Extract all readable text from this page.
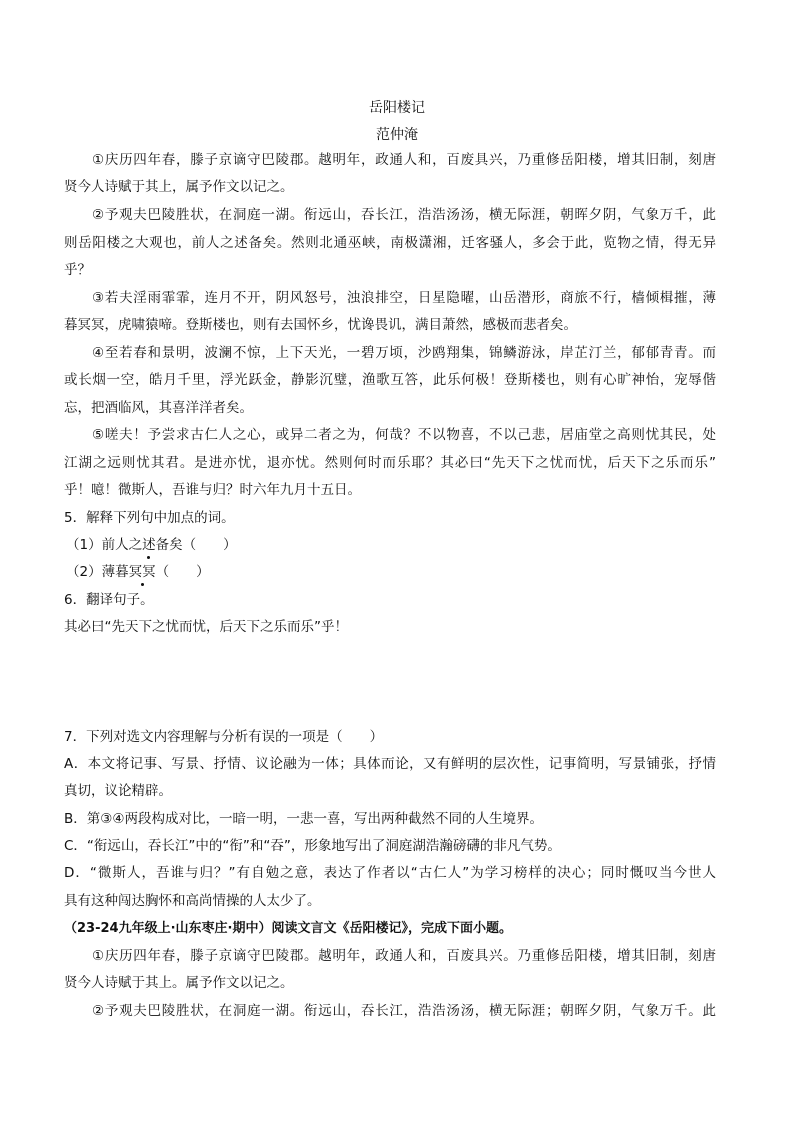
岳阳楼记
范仲淹
①庆历四年春，滕子京谪守巴陵郡。越明年，政通人和，百废具兴，乃重修岳阳楼，增其旧制，刻唐
贤今人诗赋于其上，属予作文以记之。
②予观夫巴陵胜状，在洞庭一湖。衔远山，吞长江，浩浩汤汤，横无际涯，朝晖夕阴，气象万千，此
则岳阳楼之大观也，前人之述备矣。然则北通巫峡，南极潇湘，迁客骚人，多会于此，览物之情，得无异
乎？
③若夫淫雨霏霏，连月不开，阴风怒号，浊浪排空，日星隐曜，山岳潜形，商旅不行，樯倾楫摧，薄
暮冥冥，虎啸猿啼。登斯楼也，则有去国怀乡，忧谗畏讥，满目萧然，感极而悲者矣。
④至若春和景明，波澜不惊，上下天光，一碧万顷，沙鸥翔集，锦鳞游泳，岸芷汀兰，郁郁青青。而
或长烟一空，皓月千里，浮光跃金，静影沉璧，渔歌互答，此乐何极！登斯楼也，则有心旷神怡，宠辱偕
忘，把酒临风，其喜洋洋者矣。
⑤嗟夫！予尝求古仁人之心，或异二者之为，何哉？不以物喜，不以己悲，居庙堂之高则忧其民，处
江湖之远则忧其君。是进亦忧，退亦忧。然则何时而乐耶？其必曰“先天下之忧而忧，后天下之乐而乐”
乎！噫！微斯人，吾谁与归？时六年九月十五日。
5．解释下列句中加点的词。
（1）前人之述备矣（　　）
（2）薄暮冥冥（　　）
6．翻译句子。
其必曰“先天下之忧而忧，后天下之乐而乐”乎！
7．下列对选文内容理解与分析有误的一项是（　　）
A．本文将记事、写景、抒情、议论融为一体；具体而论，又有鲜明的层次性，记事简明，写景铺张，抒情
真切，议论精辟。
B．第③④两段构成对比，一暗一明，一悲一喜，写出两种截然不同的人生境界。
C．“衔远山，吞长江”中的“衔”和“吞”，形象地写出了洞庭湖浩瀚磅礴的非凡气势。
D．“微斯人，吾谁与归？”有自勉之意，表达了作者以“古仁人”为学习榜样的决心；同时慨叹当今世人
具有这种闯达胸怀和高尚情操的人太少了。
（23-24九年级上·山东枣庄·期中）阅读文言文《岳阳楼记》，完成下面小题。
①庆历四年春，滕子京谪守巴陵郡。越明年，政通人和，百废具兴。乃重修岳阳楼，增其旧制，刻唐
贤今人诗赋于其上。属予作文以记之。
②予观夫巴陵胜状，在洞庭一湖。衔远山，吞长江，浩浩汤汤，横无际涯；朝晖夕阴，气象万千。此
